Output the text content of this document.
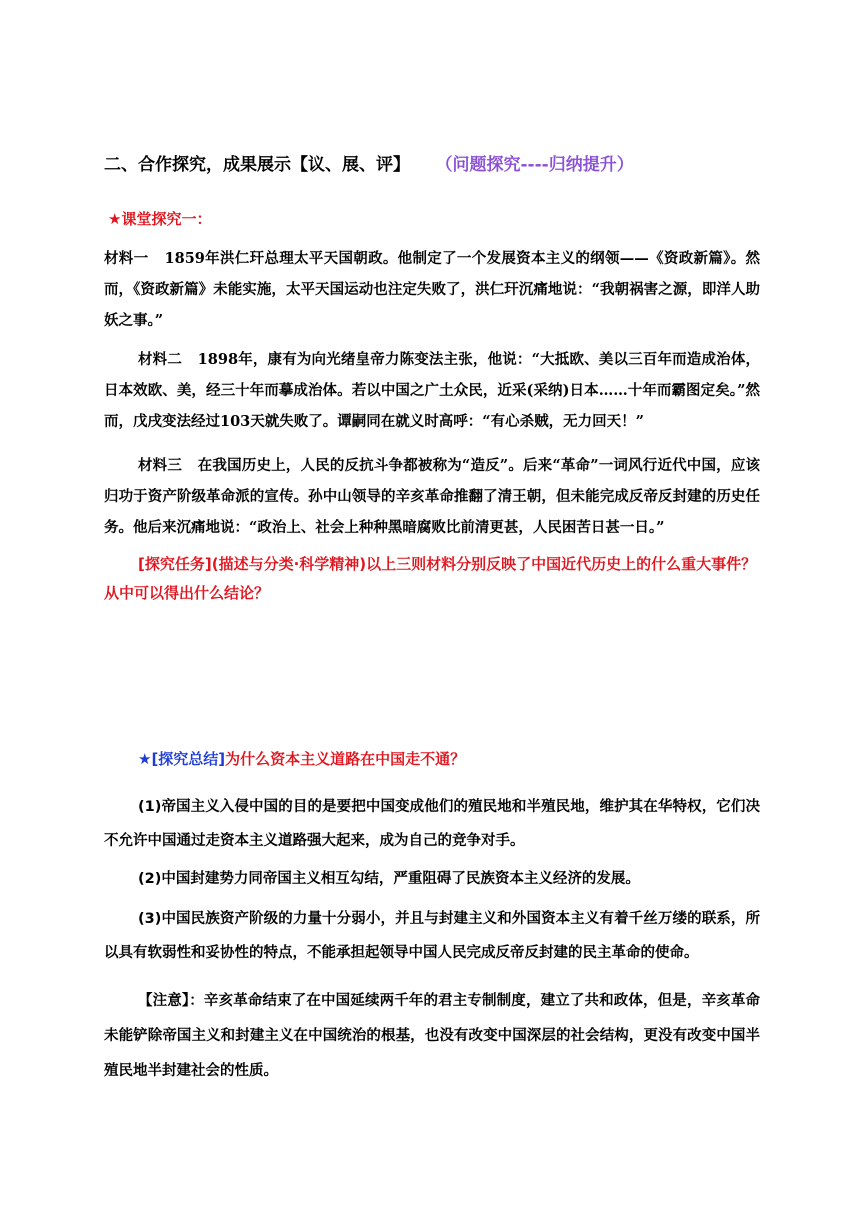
二、合作探究，成果展示【议、展、评】 （问题探究----归纳提升）
★课堂探究一：
材料一 1859年洪仁玕总理太平天国朝政。他制定了一个发展资本主义的纲领——《资政新篇》。然而，《资政新篇》未能实施，太平天国运动也注定失败了，洪仁玕沉痛地说：“我朝祸害之源，即洋人助妖之事。”
材料二 1898年，康有为向光绪皇帝力陈变法主张，他说：“大抵欧、美以三百年而造成治体，日本效欧、美，经三十年而摹成治体。若以中国之广土众民，近采(采纳)日本……十年而霸图定矣。”然而，戊戌变法经过103天就失败了。谭嗣同在就义时高呼：“有心杀贼，无力回天！”
材料三 在我国历史上，人民的反抗斗争都被称为“造反”。后来“革命”一词风行近代中国，应该归功于资产阶级革命派的宣传。孙中山领导的辛亥革命推翻了清王朝，但未能完成反帝反封建的历史任务。他后来沉痛地说：“政治上、社会上种种黑暗腐败比前清更甚，人民困苦日甚一日。”
[探究任务](描述与分类·科学精神)以上三则材料分别反映了中国近代历史上的什么重大事件？从中可以得出什么结论？
★[探究总结]为什么资本主义道路在中国走不通？
(1)帝国主义入侵中国的目的是要把中国变成他们的殖民地和半殖民地，维护其在华特权，它们决不允许中国通过走资本主义道路强大起来，成为自己的竞争对手。
(2)中国封建势力同帝国主义相互勾结，严重阻碍了民族资本主义经济的发展。
(3)中国民族资产阶级的力量十分弱小，并且与封建主义和外国资本主义有着千丝万缕的联系，所以具有软弱性和妥协性的特点，不能承担起领导中国人民完成反帝反封建的民主革命的使命。
【注意】：辛亥革命结束了在中国延续两千年的君主专制制度，建立了共和政体，但是，辛亥革命未能铲除帝国主义和封建主义在中国统治的根基，也没有改变中国深层的社会结构，更没有改变中国半殖民地半封建社会的性质。
